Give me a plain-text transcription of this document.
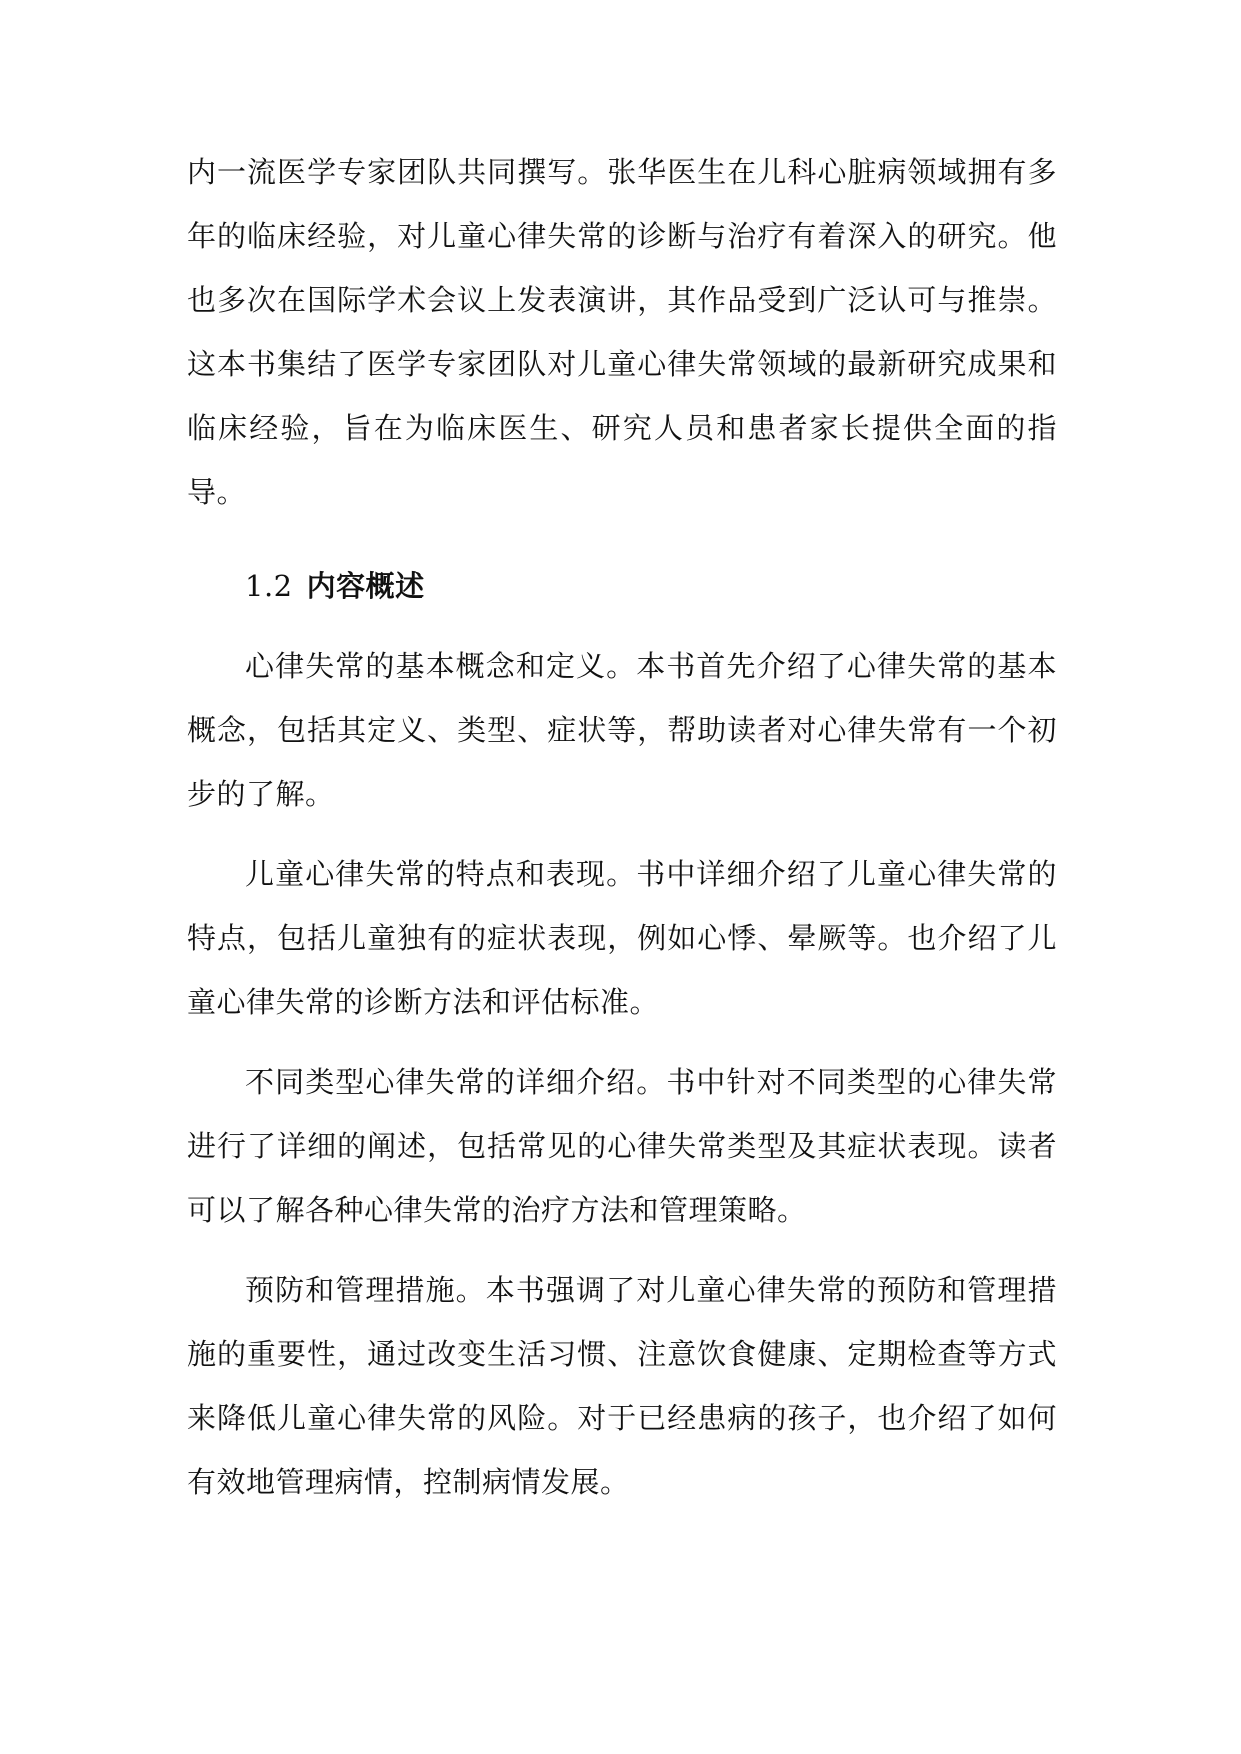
内一流医学专家团队共同撰写。张华医生在儿科心脏病领域拥有多年的临床经验，对儿童心律失常的诊断与治疗有着深入的研究。他也多次在国际学术会议上发表演讲，其作品受到广泛认可与推崇。这本书集结了医学专家团队对儿童心律失常领域的最新研究成果和临床经验，旨在为临床医生、研究人员和患者家长提供全面的指导。

1.2 内容概述

心律失常的基本概念和定义。本书首先介绍了心律失常的基本概念，包括其定义、类型、症状等，帮助读者对心律失常有一个初步的了解。

儿童心律失常的特点和表现。书中详细介绍了儿童心律失常的特点，包括儿童独有的症状表现，例如心悸、晕厥等。也介绍了儿童心律失常的诊断方法和评估标准。

不同类型心律失常的详细介绍。书中针对不同类型的心律失常进行了详细的阐述，包括常见的心律失常类型及其症状表现。读者可以了解各种心律失常的治疗方法和管理策略。

预防和管理措施。本书强调了对儿童心律失常的预防和管理措施的重要性，通过改变生活习惯、注意饮食健康、定期检查等方式来降低儿童心律失常的风险。对于已经患病的孩子，也介绍了如何有效地管理病情，控制病情发展。
